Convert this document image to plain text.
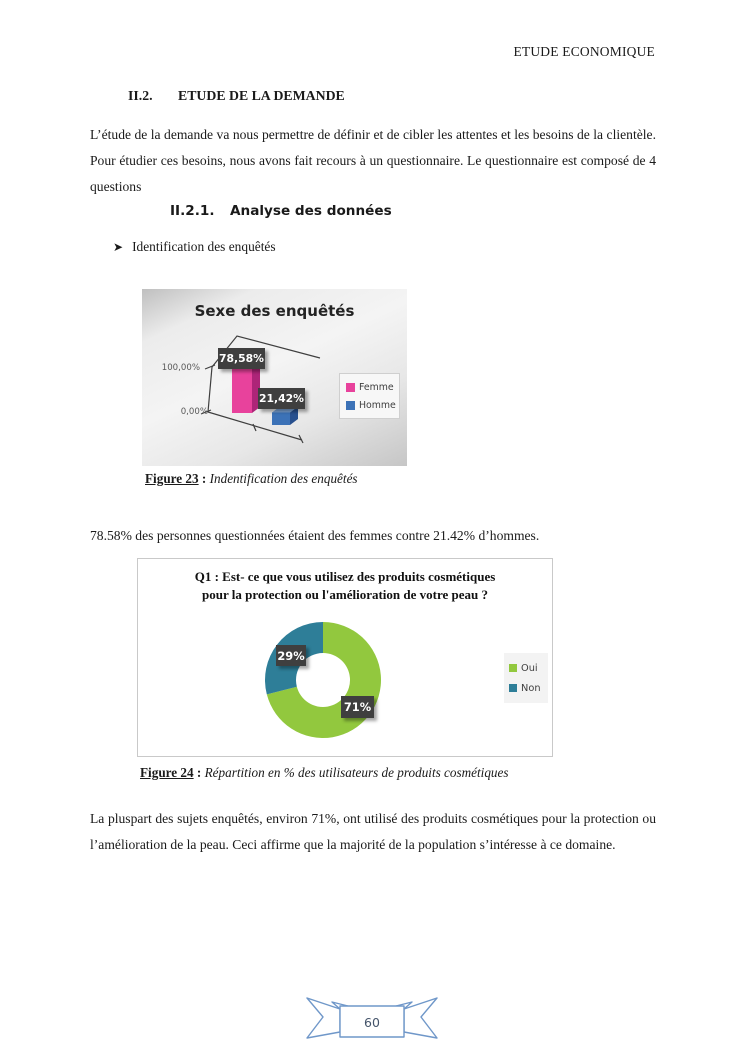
ETUDE ECONOMIQUE
II.2.	ETUDE DE LA DEMANDE
L’étude de la demande va nous permettre de définir et de cibler les attentes et les besoins de la clientèle. Pour étudier ces besoins, nous avons fait recours à un questionnaire. Le questionnaire est composé de 4 questions
II.2.1.	Analyse des données
➤ Identification des enquêtés
Sexe des enquêtés
100,00%
0,00%
78,58%
21,42%
Femme
Homme
Figure 23 : Indentification des enquêtés
78.58% des personnes questionnées étaient des femmes contre 21.42% d’hommes.
Q1 : Est- ce que vous utilisez des produits cosmétiques
pour la protection ou l'amélioration de votre peau ?
29%
71%
Oui
Non
Figure 24 : Répartition en % des utilisateurs de produits cosmétiques
La pluspart des sujets enquêtés, environ 71%, ont utilisé des produits cosmétiques pour la protection ou l’amélioration de la peau. Ceci affirme que la majorité de la population s’intéresse à ce domaine.
60
